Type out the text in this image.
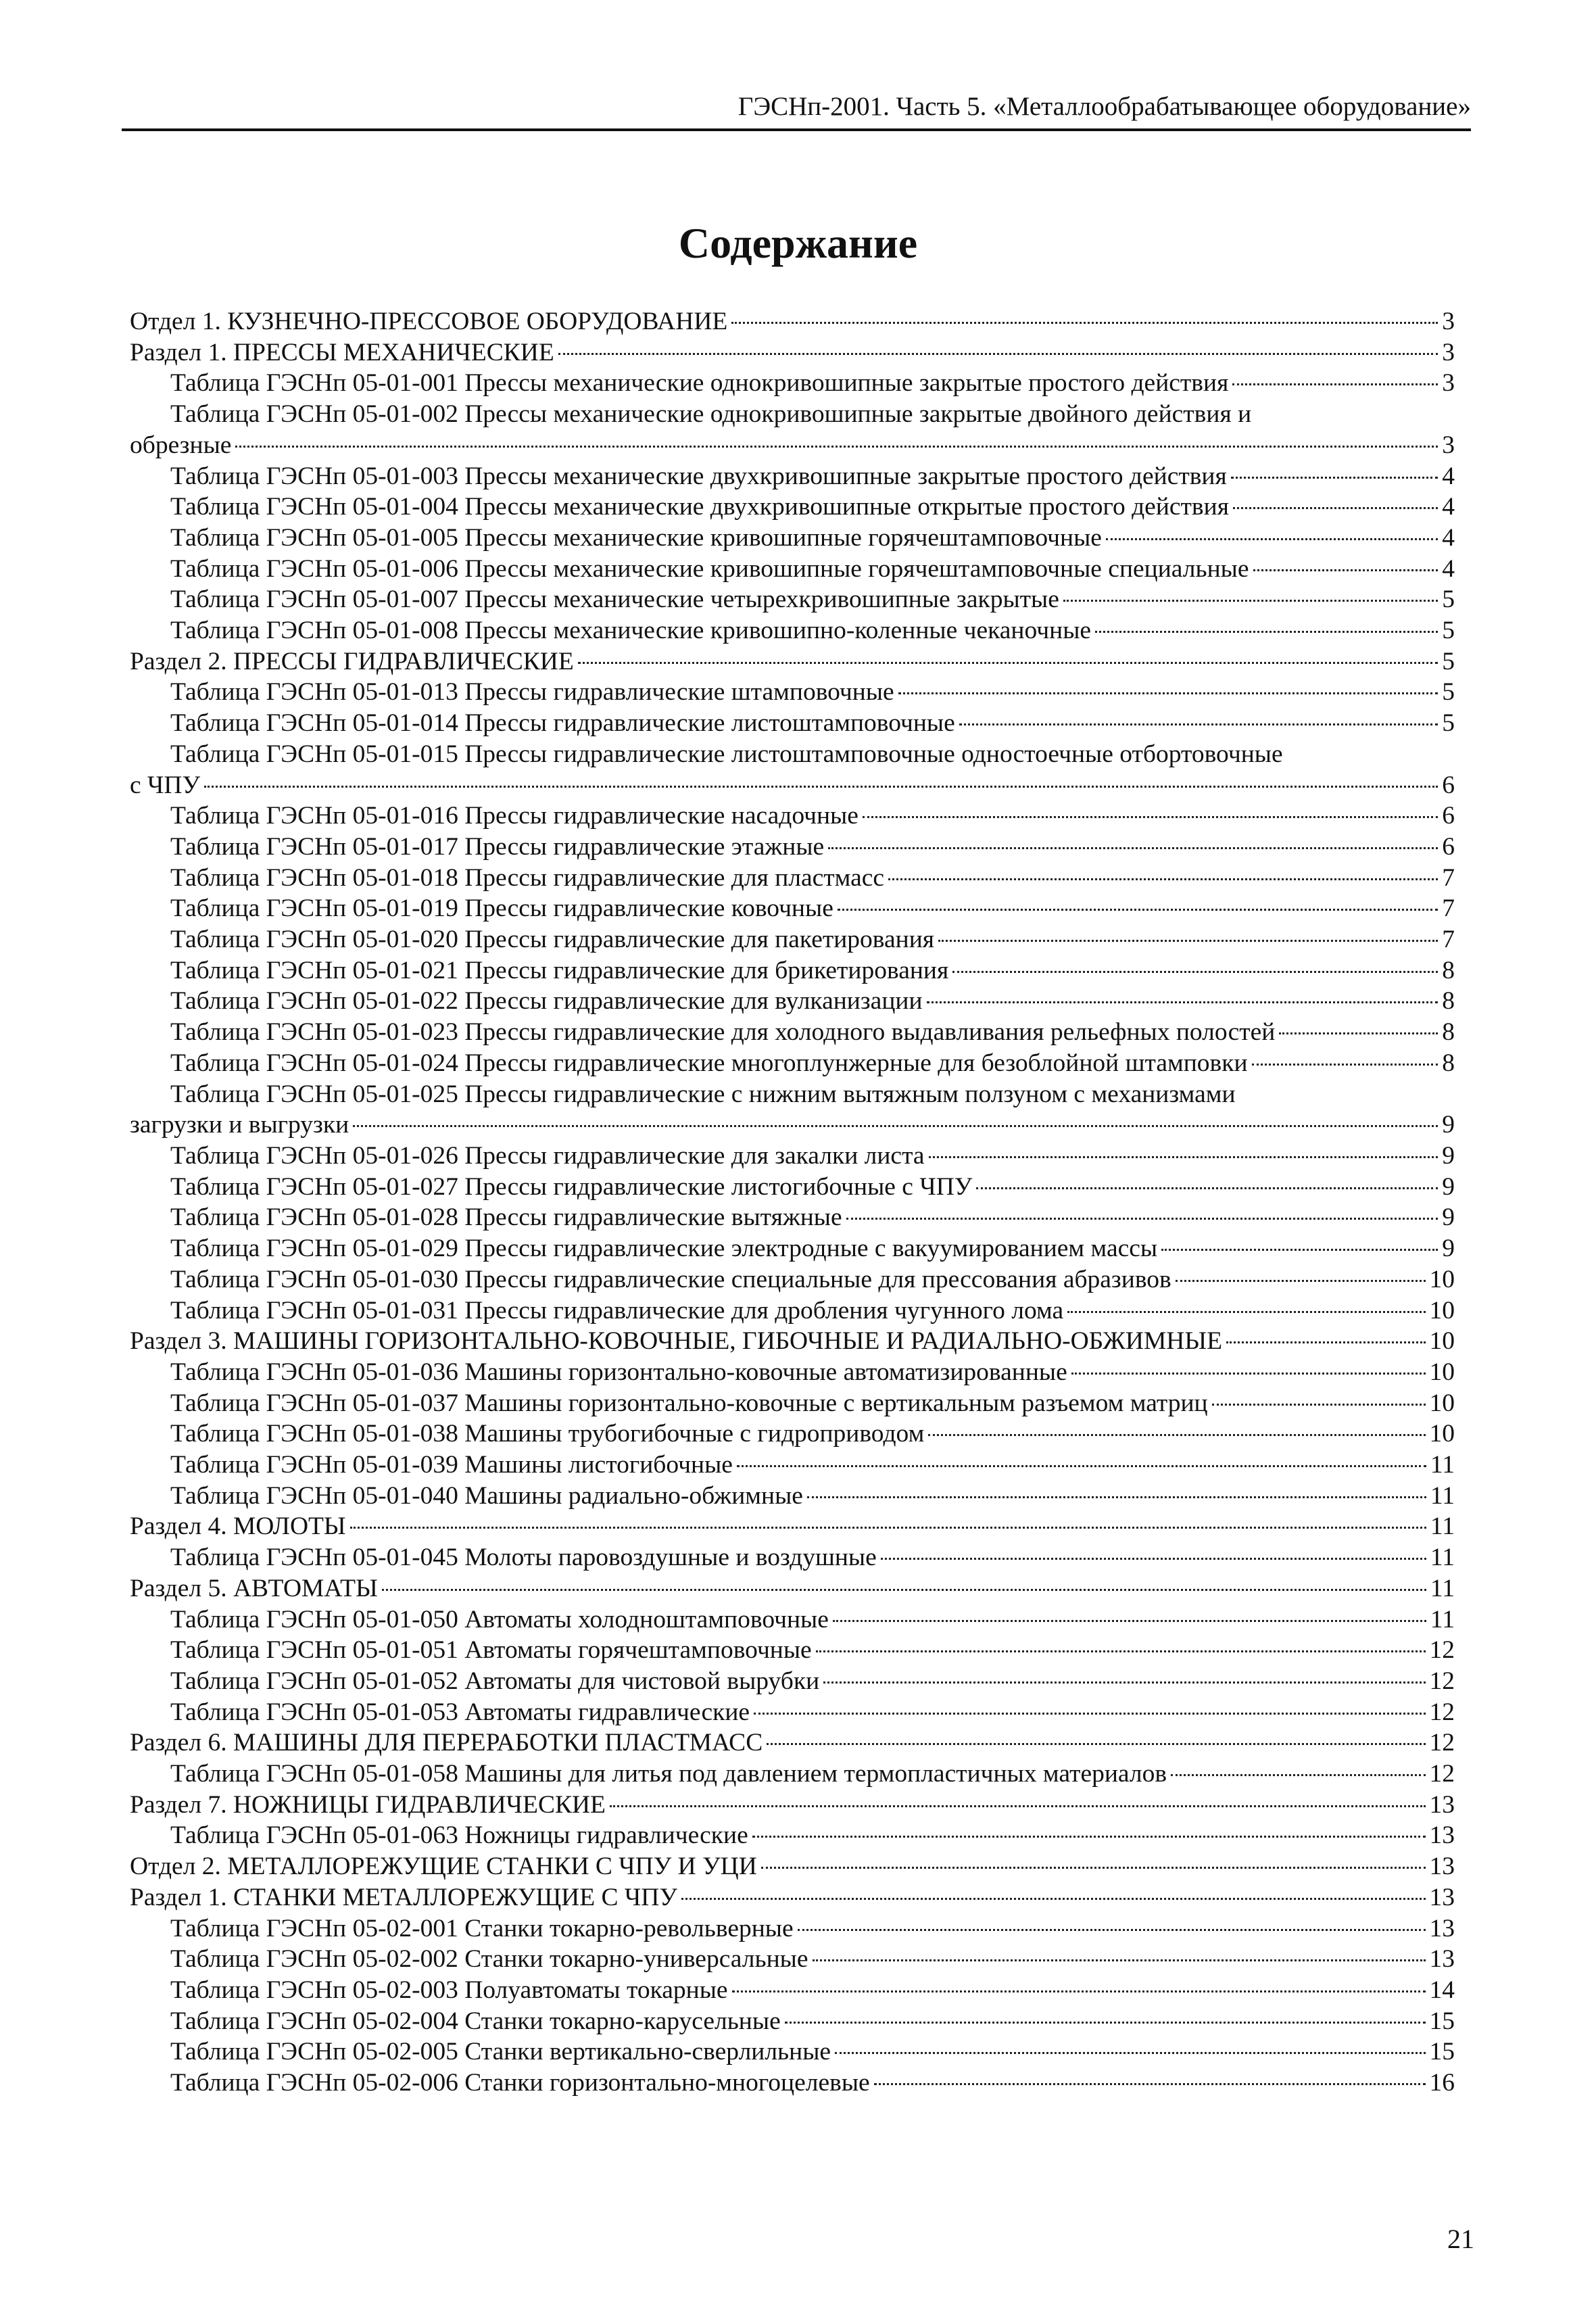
ГЭСНп-2001. Часть 5. «Металлообрабатывающее оборудование»
Содержание
Отдел 1. КУЗНЕЧНО-ПРЕССОВОЕ ОБОРУДОВАНИЕ	3
Раздел 1. ПРЕССЫ МЕХАНИЧЕСКИЕ	3
Таблица ГЭСНп 05-01-001 Прессы механические однокривошипные закрытые простого действия	3
Таблица ГЭСНп 05-01-002 Прессы механические однокривошипные закрытые двойного действия и
обрезные	3
Таблица ГЭСНп 05-01-003 Прессы механические двухкривошипные закрытые простого действия	4
Таблица ГЭСНп 05-01-004 Прессы механические двухкривошипные открытые простого действия	4
Таблица ГЭСНп 05-01-005 Прессы механические кривошипные горячештамповочные	4
Таблица ГЭСНп 05-01-006 Прессы механические кривошипные горячештамповочные специальные	4
Таблица ГЭСНп 05-01-007 Прессы механические четырехкривошипные закрытые	5
Таблица ГЭСНп 05-01-008 Прессы механические кривошипно-коленные чеканочные	5
Раздел 2. ПРЕССЫ ГИДРАВЛИЧЕСКИЕ	5
Таблица ГЭСНп 05-01-013 Прессы гидравлические штамповочные	5
Таблица ГЭСНп 05-01-014 Прессы гидравлические листоштамповочные	5
Таблица ГЭСНп 05-01-015 Прессы гидравлические листоштамповочные одностоечные отбортовочные
с ЧПУ	6
Таблица ГЭСНп 05-01-016 Прессы гидравлические насадочные	6
Таблица ГЭСНп 05-01-017 Прессы гидравлические этажные	6
Таблица ГЭСНп 05-01-018 Прессы гидравлические для пластмасс	7
Таблица ГЭСНп 05-01-019 Прессы гидравлические ковочные	7
Таблица ГЭСНп 05-01-020 Прессы гидравлические для пакетирования	7
Таблица ГЭСНп 05-01-021 Прессы гидравлические для брикетирования	8
Таблица ГЭСНп 05-01-022 Прессы гидравлические для вулканизации	8
Таблица ГЭСНп 05-01-023 Прессы гидравлические для холодного выдавливания рельефных полостей	8
Таблица ГЭСНп 05-01-024 Прессы гидравлические многоплунжерные для безоблойной штамповки	8
Таблица ГЭСНп 05-01-025 Прессы гидравлические с нижним вытяжным ползуном с механизмами
загрузки и выгрузки	9
Таблица ГЭСНп 05-01-026 Прессы гидравлические для закалки листа	9
Таблица ГЭСНп 05-01-027 Прессы гидравлические листогибочные с ЧПУ	9
Таблица ГЭСНп 05-01-028 Прессы гидравлические вытяжные	9
Таблица ГЭСНп 05-01-029 Прессы гидравлические электродные с вакуумированием массы	9
Таблица ГЭСНп 05-01-030 Прессы гидравлические специальные для прессования абразивов	10
Таблица ГЭСНп 05-01-031 Прессы гидравлические для дробления чугунного лома	10
Раздел 3. МАШИНЫ ГОРИЗОНТАЛЬНО-КОВОЧНЫЕ, ГИБОЧНЫЕ И РАДИАЛЬНО-ОБЖИМНЫЕ	10
Таблица ГЭСНп 05-01-036 Машины горизонтально-ковочные автоматизированные	10
Таблица ГЭСНп 05-01-037 Машины горизонтально-ковочные с вертикальным разъемом матриц	10
Таблица ГЭСНп 05-01-038 Машины трубогибочные с гидроприводом	10
Таблица ГЭСНп 05-01-039 Машины листогибочные	11
Таблица ГЭСНп 05-01-040 Машины радиально-обжимные	11
Раздел 4. МОЛОТЫ	11
Таблица ГЭСНп 05-01-045 Молоты паровоздушные и воздушные	11
Раздел 5. АВТОМАТЫ	11
Таблица ГЭСНп 05-01-050 Автоматы холодноштамповочные	11
Таблица ГЭСНп 05-01-051 Автоматы горячештамповочные	12
Таблица ГЭСНп 05-01-052 Автоматы для чистовой вырубки	12
Таблица ГЭСНп 05-01-053 Автоматы гидравлические	12
Раздел 6. МАШИНЫ ДЛЯ ПЕРЕРАБОТКИ ПЛАСТМАСС	12
Таблица ГЭСНп 05-01-058 Машины для литья под давлением термопластичных материалов	12
Раздел 7. НОЖНИЦЫ ГИДРАВЛИЧЕСКИЕ	13
Таблица ГЭСНп 05-01-063 Ножницы гидравлические	13
Отдел 2. МЕТАЛЛОРЕЖУЩИЕ СТАНКИ С ЧПУ И УЦИ	13
Раздел 1. СТАНКИ МЕТАЛЛОРЕЖУЩИЕ С ЧПУ	13
Таблица ГЭСНп 05-02-001 Станки токарно-револьверные	13
Таблица ГЭСНп 05-02-002 Станки токарно-универсальные	13
Таблица ГЭСНп 05-02-003 Полуавтоматы токарные	14
Таблица ГЭСНп 05-02-004 Станки токарно-карусельные	15
Таблица ГЭСНп 05-02-005 Станки вертикально-сверлильные	15
Таблица ГЭСНп 05-02-006 Станки горизонтально-многоцелевые	16
21
